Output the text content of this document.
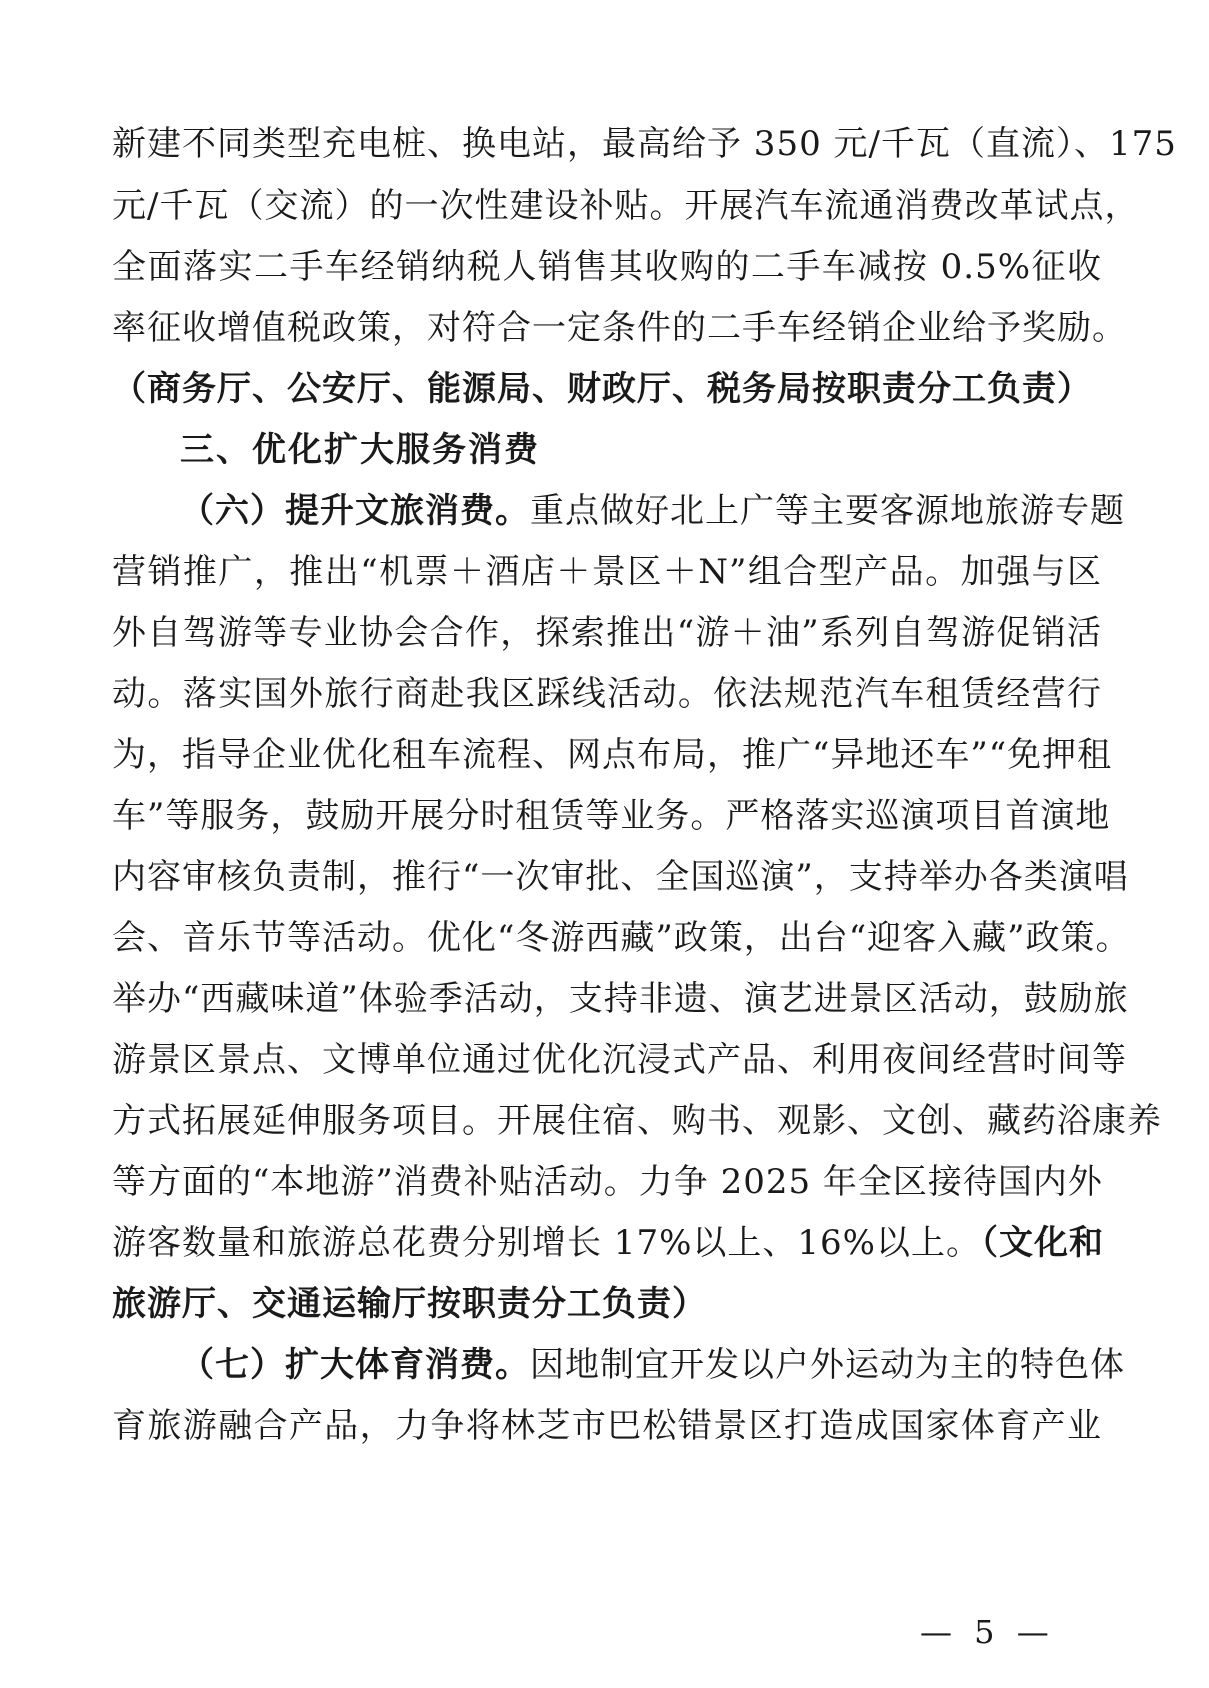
新建不同类型充电桩、换电站，最高给予 350 元/千瓦（直流）、175
元/千瓦（交流）的一次性建设补贴。开展汽车流通消费改革试点，
全面落实二手车经销纳税人销售其收购的二手车减按 0.5%征收
率征收增值税政策，对符合一定条件的二手车经销企业给予奖励。
（商务厅、公安厅、能源局、财政厅、税务局按职责分工负责）
三、优化扩大服务消费
（六）提升文旅消费。重点做好北上广等主要客源地旅游专题
营销推广，推出“机票＋酒店＋景区＋N”组合型产品。加强与区
外自驾游等专业协会合作，探索推出“游＋油”系列自驾游促销活
动。落实国外旅行商赴我区踩线活动。依法规范汽车租赁经营行
为，指导企业优化租车流程、网点布局，推广“异地还车”“免押租
车”等服务，鼓励开展分时租赁等业务。严格落实巡演项目首演地
内容审核负责制，推行“一次审批、全国巡演”，支持举办各类演唱
会、音乐节等活动。优化“冬游西藏”政策，出台“迎客入藏”政策。
举办“西藏味道”体验季活动，支持非遗、演艺进景区活动，鼓励旅
游景区景点、文博单位通过优化沉浸式产品、利用夜间经营时间等
方式拓展延伸服务项目。开展住宿、购书、观影、文创、藏药浴康养
等方面的“本地游”消费补贴活动。力争 2025 年全区接待国内外
游客数量和旅游总花费分别增长 17%以上、16%以上。（文化和
旅游厅、交通运输厅按职责分工负责）
（七）扩大体育消费。因地制宜开发以户外运动为主的特色体
育旅游融合产品，力争将林芝市巴松错景区打造成国家体育产业
— 5 —
